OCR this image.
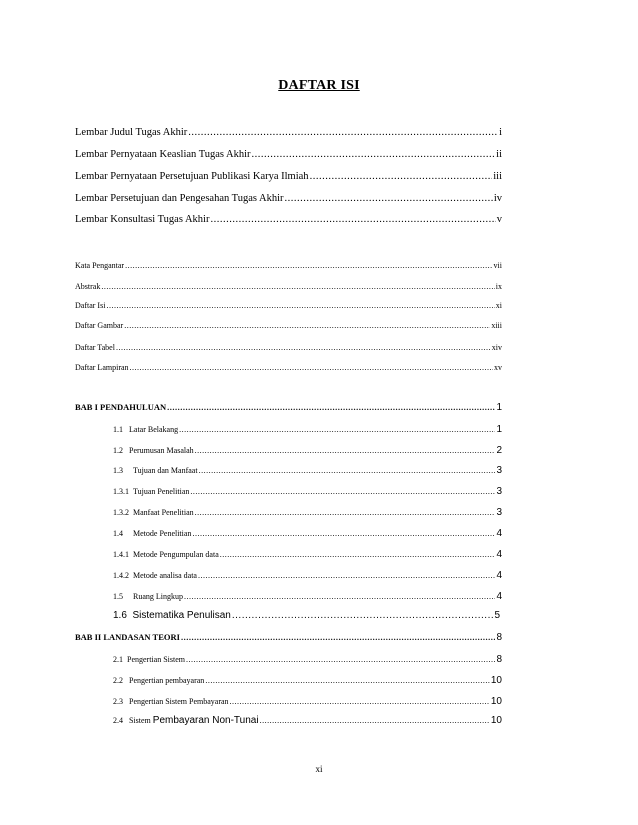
DAFTAR ISI
Lembar Judul Tugas Akhir .....	i
Lembar Pernyataan Keaslian Tugas Akhir .....	ii
Lembar Pernyataan Persetujuan Publikasi Karya Ilmiah .....	iii
Lembar Persetujuan dan Pengesahan Tugas Akhir .....	iv
Lembar Konsultasi Tugas Akhir .....	v
Kata Pengantar .....	vii
Abstrak .....	ix
Daftar Isi .....	xi
Daftar Gambar .....	xiii
Daftar Tabel .....	xiv
Daftar Lampiran .....	xv
BAB I PENDAHULUAN .....	1
1.1 Latar Belakang .....	1
1.2 Perumusan Masalah .....	2
1.3 Tujuan dan Manfaat .....	3
1.3.1 Tujuan Penelitian .....	3
1.3.2 Manfaat Penelitian .....	3
1.4 Metode Penelitian .....	4
1.4.1 Metode Pengumpulan data .....	4
1.4.2 Metode analisa data .....	4
1.5 Ruang Lingkup .....	4
1.6 Sistematika Penulisan .....	5
BAB II LANDASAN TEORI .....	8
2.1 Pengertian Sistem .....	8
2.2 Pengertian pembayaran .....	10
2.3 Pengertian Sistem Pembayaran .....	10
2.4 Sistem Pembayaran Non-Tunai .....	10
xi
